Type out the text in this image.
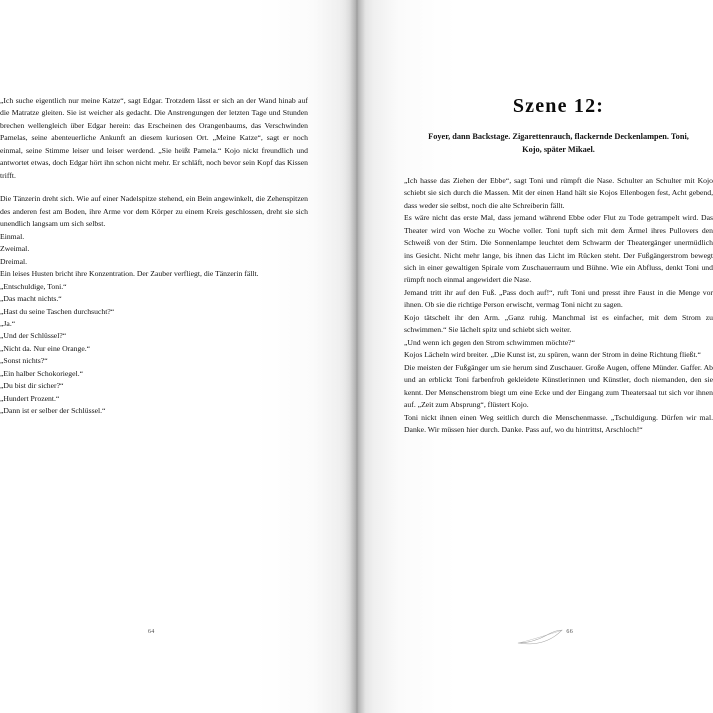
„Ich suche eigentlich nur meine Katze“, sagt Edgar. Trotzdem lässt er sich an der Wand hinab auf die Matratze gleiten. Sie ist weicher als gedacht. Die Anstrengungen der letzten Tage und Stunden brechen wellengleich über Edgar herein: das Erscheinen des Orangenbaums, das Verschwinden Pamelas, seine abenteuerliche Ankunft an diesem kuriosen Ort. „Meine Katze“, sagt er noch einmal, seine Stimme leiser und leiser werdend. „Sie heißt Pamela.“ Kojo nickt freundlich und antwortet etwas, doch Edgar hört ihn schon nicht mehr. Er schläft, noch bevor sein Kopf das Kissen trifft.

Die Tänzerin dreht sich. Wie auf einer Nadelspitze stehend, ein Bein angewinkelt, die Zehenspitzen des anderen fest am Boden, ihre Arme vor dem Körper zu einem Kreis geschlossen, dreht sie sich unendlich langsam um sich selbst.

Einmal.

Zweimal.

Dreimal.

Ein leises Husten bricht ihre Konzentration. Der Zauber verfliegt, die Tänzerin fällt.

„Entschuldige, Toni.“

„Das macht nichts.“

„Hast du seine Taschen durchsucht?“

„Ja.“

„Und der Schlüssel?“

„Nicht da. Nur eine Orange.“

„Sonst nichts?“

„Ein halber Schokoriegel.“

„Du bist dir sicher?“

„Hundert Prozent.“

„Dann ist er selber der Schlüssel.“

64
Szene 12:
Foyer, dann Backstage. Zigarettenrauch, flackernde Deckenlampen. Toni, Kojo, später Mikael.

„Ich hasse das Ziehen der Ebbe“, sagt Toni und rümpft die Nase. Schulter an Schulter mit Kojo schiebt sie sich durch die Massen. Mit der einen Hand hält sie Kojos Ellenbogen fest, Acht gebend, dass weder sie selbst, noch die alte Schreiberin fällt.

Es wäre nicht das erste Mal, dass jemand während Ebbe oder Flut zu Tode getrampelt wird. Das Theater wird von Woche zu Woche voller. Toni tupft sich mit dem Ärmel ihres Pullovers den Schweiß von der Stirn. Die Sonnenlampe leuchtet dem Schwarm der Theatergänger unermüdlich ins Gesicht. Nicht mehr lange, bis ihnen das Licht im Rücken steht. Der Fußgängerstrom bewegt sich in einer gewaltigen Spirale vom Zuschauerraum und Bühne. Wie ein Abfluss, denkt Toni und rümpft noch einmal angewidert die Nase.

Jemand tritt ihr auf den Fuß. „Pass doch auf!“, ruft Toni und presst ihre Faust in die Menge vor ihnen. Ob sie die richtige Person erwischt, vermag Toni nicht zu sagen.

Kojo tätschelt ihr den Arm. „Ganz ruhig. Manchmal ist es einfacher, mit dem Strom zu schwimmen.“ Sie lächelt spitz und schiebt sich weiter.

„Und wenn ich gegen den Strom schwimmen möchte?“

Kojos Lächeln wird breiter. „Die Kunst ist, zu spüren, wann der Strom in deine Richtung fließt.“

Die meisten der Fußgänger um sie herum sind Zuschauer. Große Augen, offene Münder. Gaffer. Ab und an erblickt Toni farbenfroh gekleidete Künstlerinnen und Künstler, doch niemanden, den sie kennt. Der Menschenstrom biegt um eine Ecke und der Eingang zum Theatersaal tut sich vor ihnen auf. „Zeit zum Absprung“, flüstert Kojo.

Toni nickt ihnen einen Weg seitlich durch die Menschenmasse. „Tschuldigung. Dürfen wir mal. Danke. Wir müssen hier durch. Danke. Pass auf, wo du hintrittst, Arschloch!“

66
